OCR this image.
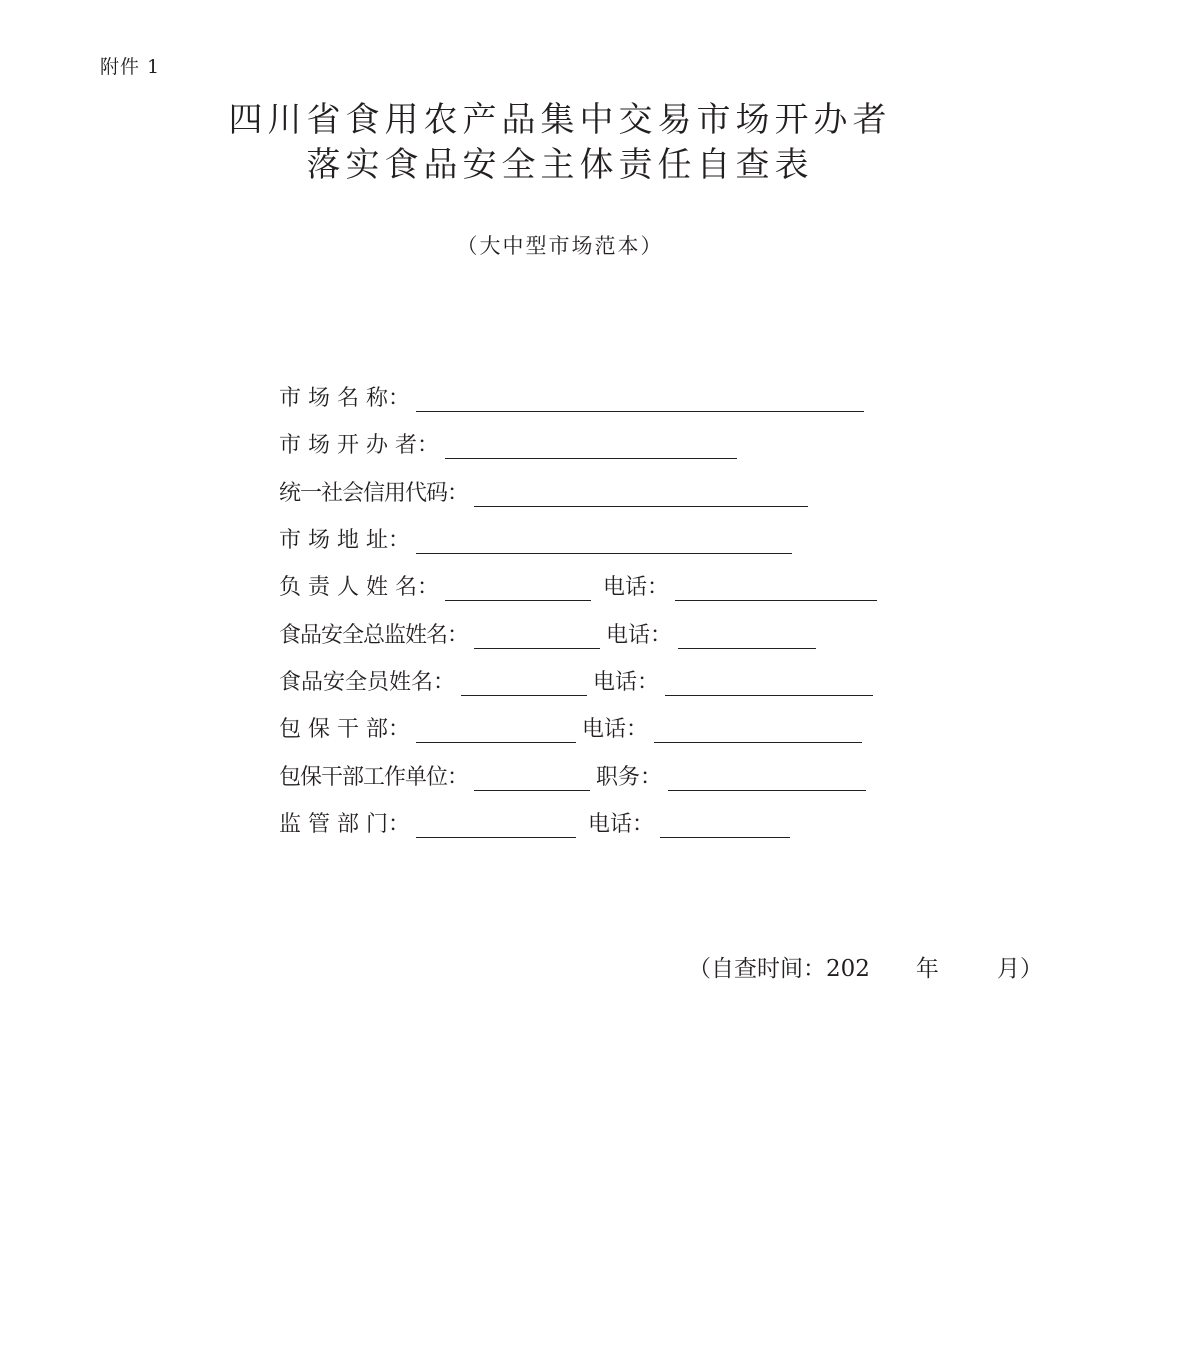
附件 1
四川省食用农产品集中交易市场开办者
落实食品安全主体责任自查表
（大中型市场范本）
市 场 名 称：
市 场 开 办 者：
统一社会信用代码：
市 场 地 址：
负 责 人 姓 名：	电话：
食品安全总监姓名：	电话：
食品安全员姓名：	电话：
包 保 干 部：	电话：
包保干部工作单位：	职务：
监 管 部 门：	电话：
（自查时间：202 年	月）
